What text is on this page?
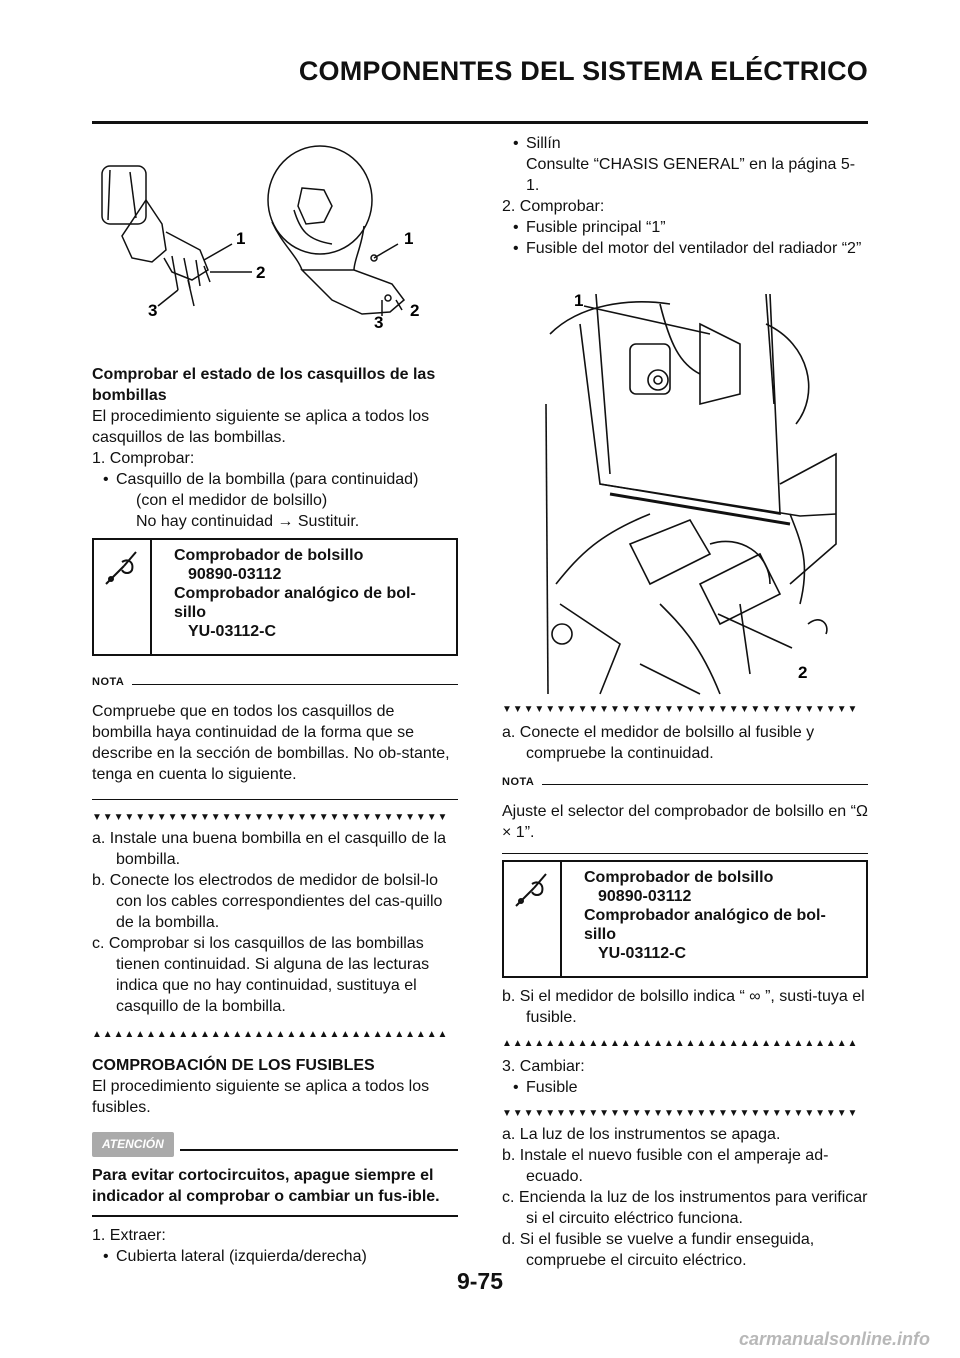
COMPONENTES DEL SISTEMA ELÉCTRICO
1
2
3
1
2
3

Comprobar el estado de los casquillos de las bombillas

El procedimiento siguiente se aplica a todos los casquillos de las bombillas.

1. Comprobar:

• Casquillo de la bombilla (para continuidad)

(con el medidor de bolsillo)

No hay continuidad → Sustituir.

Comprobador de bolsillo
90890-03112
Comprobador analógico de bol-
sillo
YU-03112-C
NOTA

Compruebe que en todos los casquillos de bombilla haya continuidad de la forma que se describe en la sección de bombillas. No ob-stante, tenga en cuenta lo siguiente.

▼▼▼▼▼▼▼▼▼▼▼▼▼▼▼▼▼▼▼▼▼▼▼▼▼▼▼▼▼▼▼▼▼

a. Instale una buena bombilla en el casquillo de la bombilla.

b. Conecte los electrodos de medidor de bolsil-lo con los cables correspondientes del cas-quillo de la bombilla.

c. Comprobar si los casquillos de las bombillas tienen continuidad. Si alguna de las lecturas indica que no hay continuidad, sustituya el casquillo de la bombilla.

▲▲▲▲▲▲▲▲▲▲▲▲▲▲▲▲▲▲▲▲▲▲▲▲▲▲▲▲▲▲▲▲▲

COMPROBACIÓN DE LOS FUSIBLES

El procedimiento siguiente se aplica a todos los fusibles.

ATENCIÓN

Para evitar cortocircuitos, apague siempre el indicador al comprobar o cambiar un fus-ible.

1. Extraer:

• Cubierta lateral (izquierda/derecha)

• Sillín

Consulte “CHASIS GENERAL” en la página 5-1.

2. Comprobar:

• Fusible principal “1”

• Fusible del motor del ventilador del radiador “2”

1
2
▼▼▼▼▼▼▼▼▼▼▼▼▼▼▼▼▼▼▼▼▼▼▼▼▼▼▼▼▼▼▼▼▼

a. Conecte el medidor de bolsillo al fusible y compruebe la continuidad.

NOTA

Ajuste el selector del comprobador de bolsillo en “Ω × 1”.

Comprobador de bolsillo
90890-03112
Comprobador analógico de bol-
sillo
YU-03112-C

b. Si el medidor de bolsillo indica “ ∞ ”, susti-tuya el fusible.

▲▲▲▲▲▲▲▲▲▲▲▲▲▲▲▲▲▲▲▲▲▲▲▲▲▲▲▲▲▲▲▲▲

3. Cambiar:

• Fusible

▼▼▼▼▼▼▼▼▼▼▼▼▼▼▼▼▼▼▼▼▼▼▼▼▼▼▼▼▼▼▼▼▼

a. La luz de los instrumentos se apaga.

b. Instale el nuevo fusible con el amperaje ad-ecuado.

c. Encienda la luz de los instrumentos para verificar si el circuito eléctrico funciona.

d. Si el fusible se vuelve a fundir enseguida, compruebe el circuito eléctrico.

9-75
carmanualsonline.info
